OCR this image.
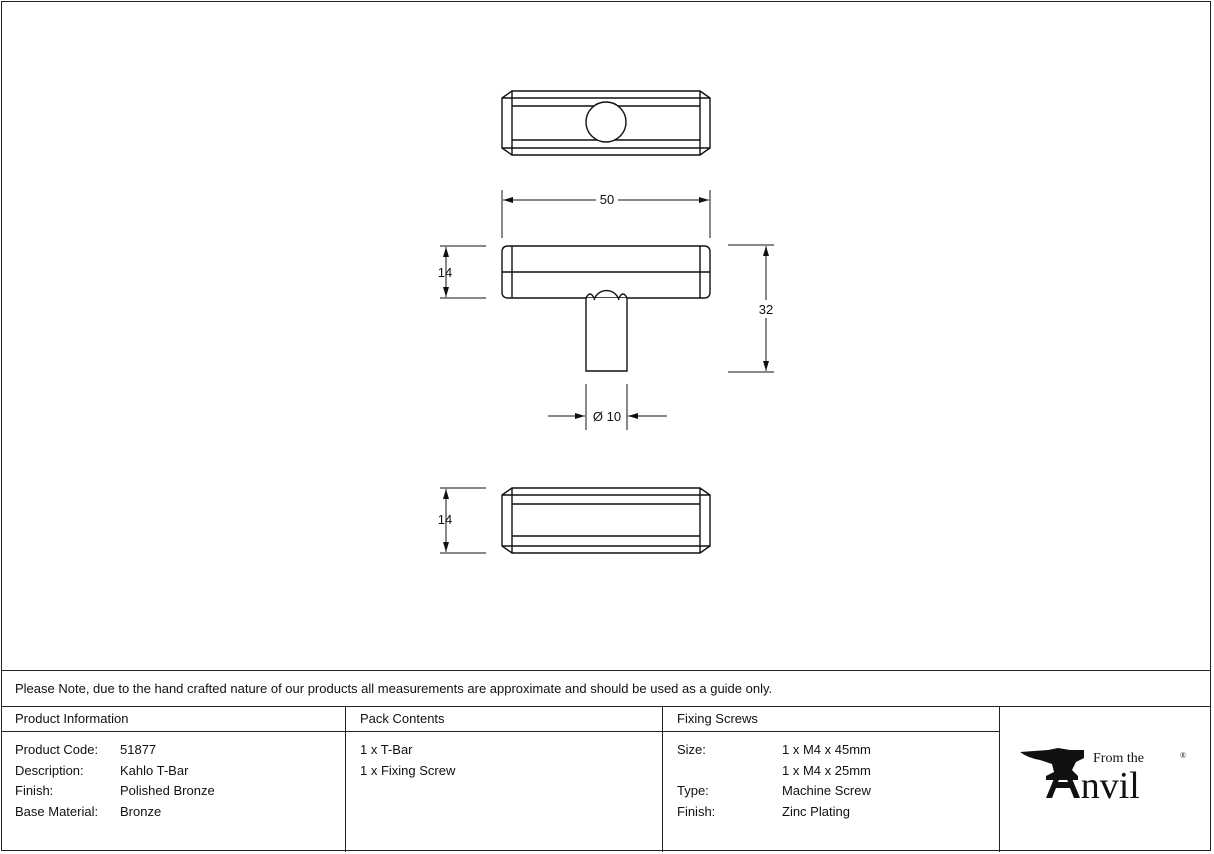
50
14
32
Ø 10
14
Please Note, due to the hand crafted nature of our products all measurements are approximate and should be used as a guide only.
Product Information
Product Code: 51877
Description:	Kahlo T-Bar
Finish:	Polished Bronze
Base Material: Bronze
Pack Contents
1 x T-Bar
1 x Fixing Screw
Fixing Screws
Size:	1 x M4 x 45mm
1 x M4 x 25mm
Type:	Machine Screw
Finish:	Zinc Plating
From the
Anvil
®
